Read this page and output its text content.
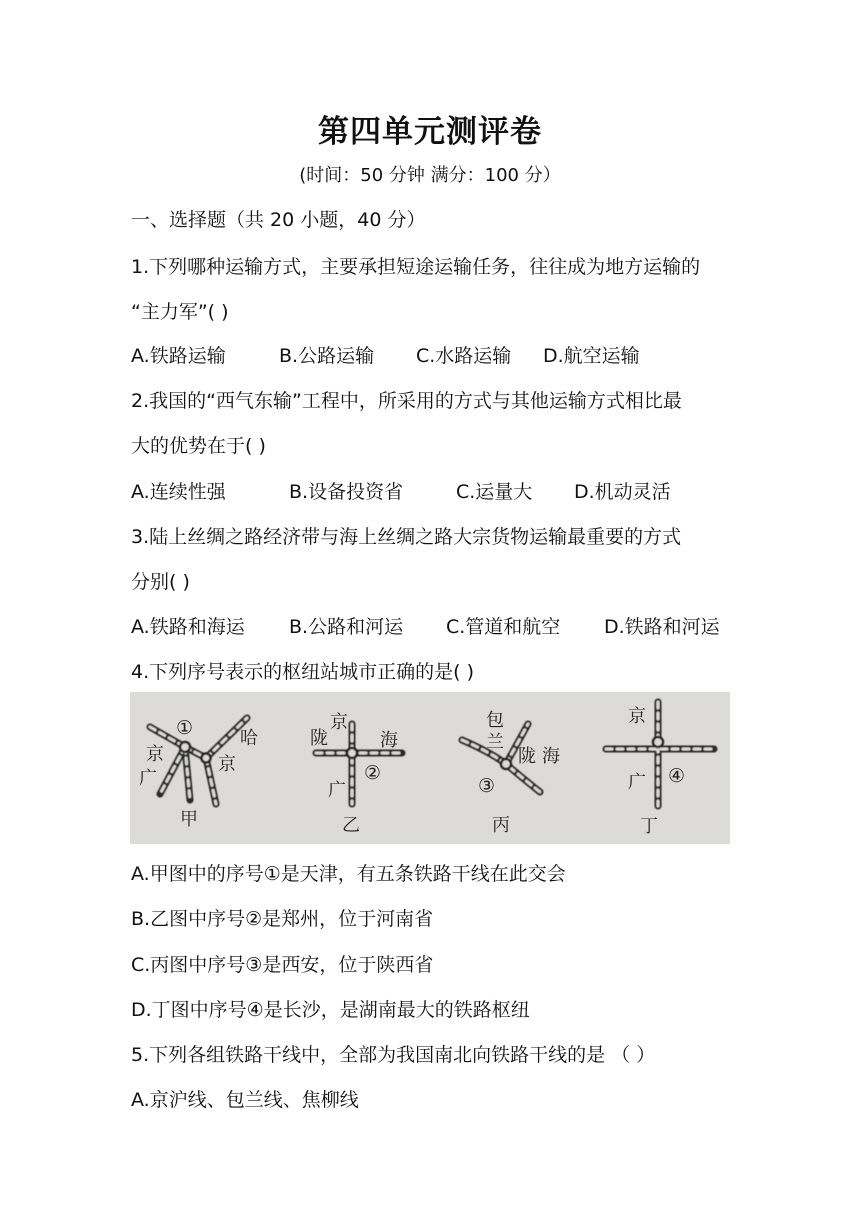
第四单元测评卷
(时间：50 分钟 满分：100 分）
一、选择题（共 20 小题，40 分）
1.下列哪种运输方式，主要承担短途运输任务，往往成为地方运输的
“主力军”( )
A.铁路运输	B.公路运输 C.水路运输 D.航空运输
2.我国的“西气东输”工程中，所采用的方式与其他运输方式相比最
大的优势在于( )
A.连续性强	B.设备投资省	C.运量大 D.机动灵活
3.陆上丝绸之路经济带与海上丝绸之路大宗货物运输最重要的方式
分别( )
A.铁路和海运 B.公路和河运 C.管道和航空 D.铁路和河运
4.下列序号表示的枢纽站城市正确的是( )
①
京
广
哈
京
甲
京
陇	海
②
广
乙
包
兰
陇 海
③
丙
京
广 ④
丁
A.甲图中的序号①是天津，有五条铁路干线在此交会
B.乙图中序号②是郑州，位于河南省
C.丙图中序号③是西安，位于陕西省
D.丁图中序号④是长沙，是湖南最大的铁路枢纽
5.下列各组铁路干线中，全部为我国南北向铁路干线的是 （ ）
A.京沪线、包兰线、焦柳线
